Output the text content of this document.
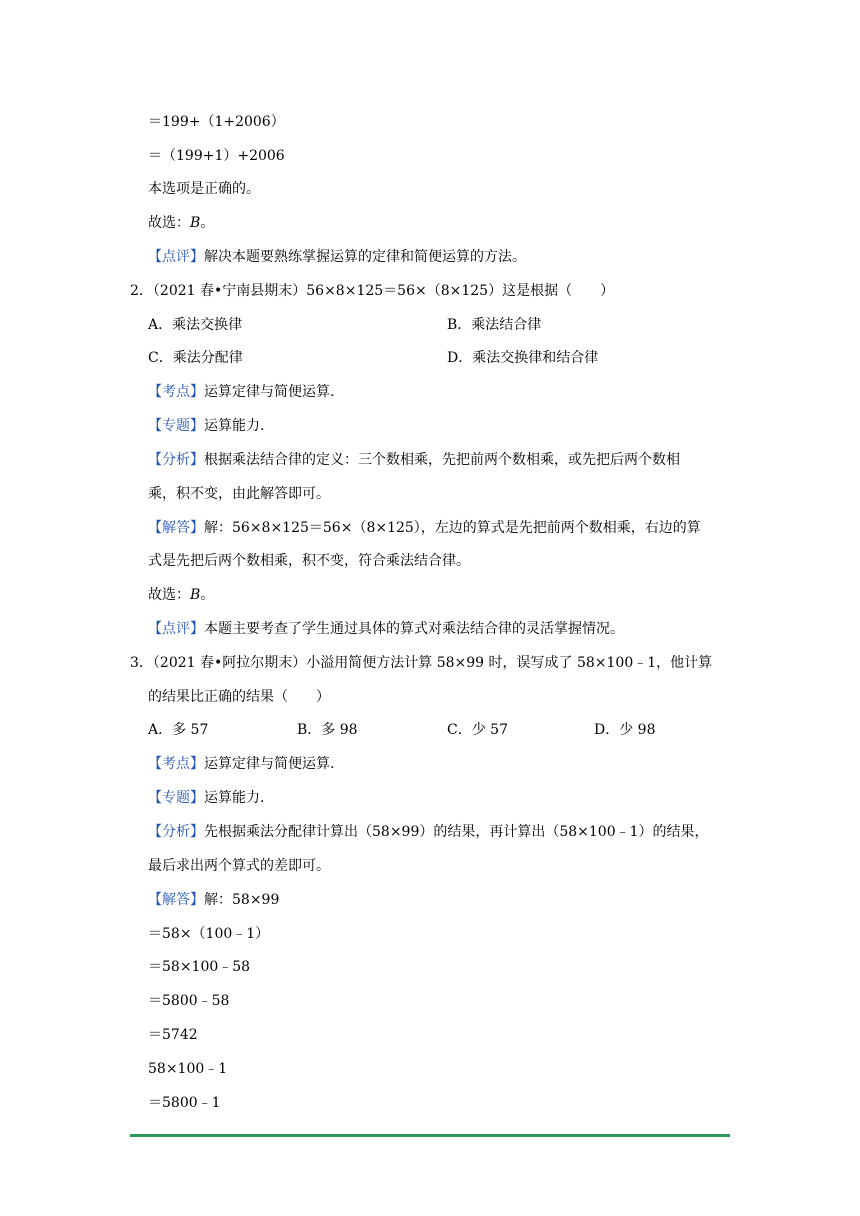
＝199+（1+2006）
＝（199+1）+2006
本选项是正确的。
故选：B。
【点评】解决本题要熟练掌握运算的定律和简便运算的方法。
2．（2021 春•宁南县期末）56×8×125＝56×（8×125）这是根据（　　）
A．乘法交换律	B．乘法结合律
C．乘法分配律	D．乘法交换律和结合律
【考点】运算定律与简便运算.
【专题】运算能力.
【分析】根据乘法结合律的定义：三个数相乘，先把前两个数相乘，或先把后两个数相
乘，积不变，由此解答即可。
【解答】解：56×8×125＝56×（8×125），左边的算式是先把前两个数相乘，右边的算
式是先把后两个数相乘，积不变，符合乘法结合律。
故选：B。
【点评】本题主要考查了学生通过具体的算式对乘法结合律的灵活掌握情况。
3．（2021 春•阿拉尔期末）小溢用简便方法计算 58×99 时，误写成了 58×100﹣1，他计算
的结果比正确的结果（　　）
A．多 57	B．多 98	C．少 57	D．少 98
【考点】运算定律与简便运算.
【专题】运算能力.
【分析】先根据乘法分配律计算出（58×99）的结果，再计算出（58×100﹣1）的结果，
最后求出两个算式的差即可。
【解答】解：58×99
＝58×（100﹣1）
＝58×100﹣58
＝5800﹣58
＝5742
58×100﹣1
＝5800﹣1
